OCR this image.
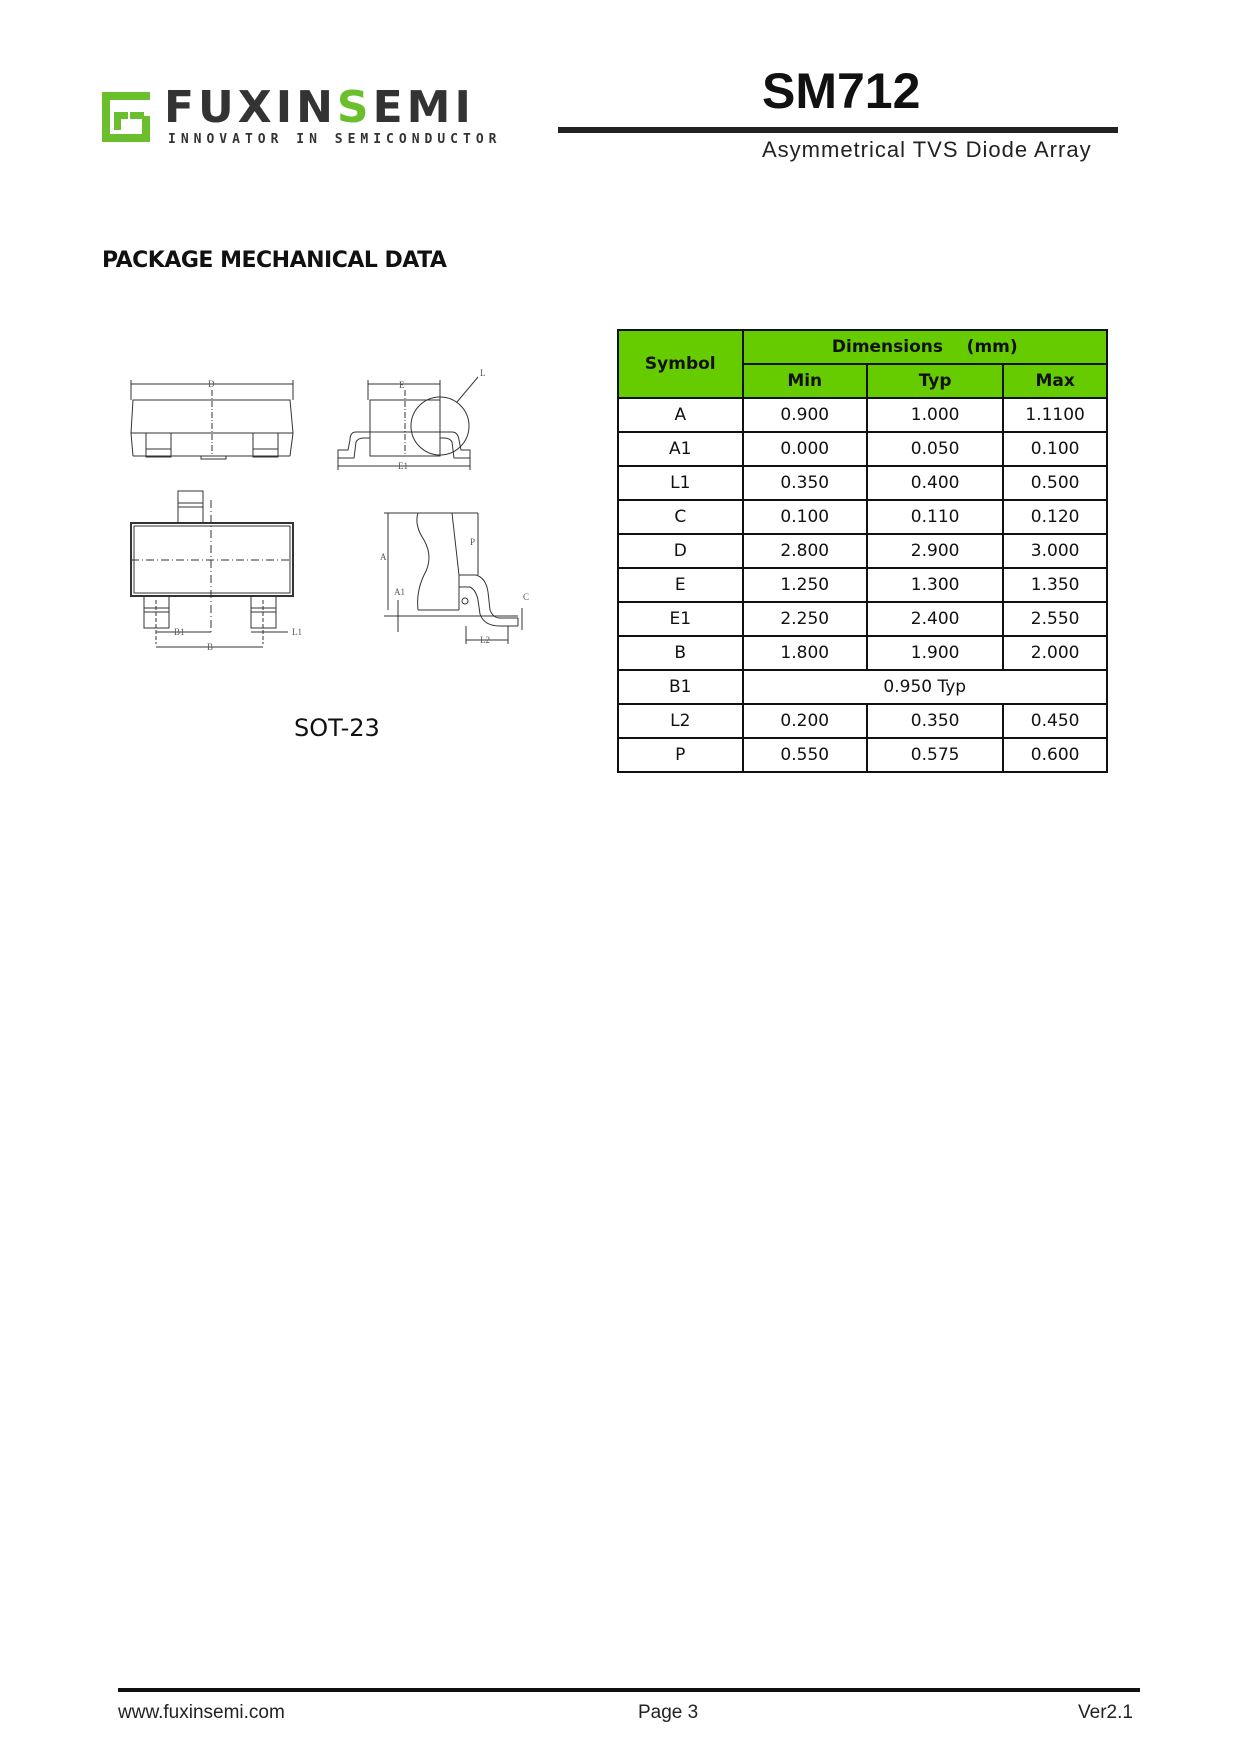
FUXINSEMI
INNOVATOR IN SEMICONDUCTOR
SM712
Asymmetrical TVS Diode Array
PACKAGE MECHANICAL DATA
D	E
L
E1
B1
B
L1
A
P
C
A1
L2
SOT-23
Symbol	Dimensions    (mm)		
	Min	Typ	Max
A	0.900	1.000	1.1100
A1	0.000	0.050	0.100
L1	0.350	0.400	0.500
C	0.100	0.110	0.120
D	2.800	2.900	3.000
E	1.250	1.300	1.350
E1	2.250	2.400	2.550
B	1.800	1.900	2.000
B1	0.950 Typ		
L2	0.200	0.350	0.450
P	0.550	0.575	0.600
www.fuxinsemi.com	Page 3	Ver2.1
